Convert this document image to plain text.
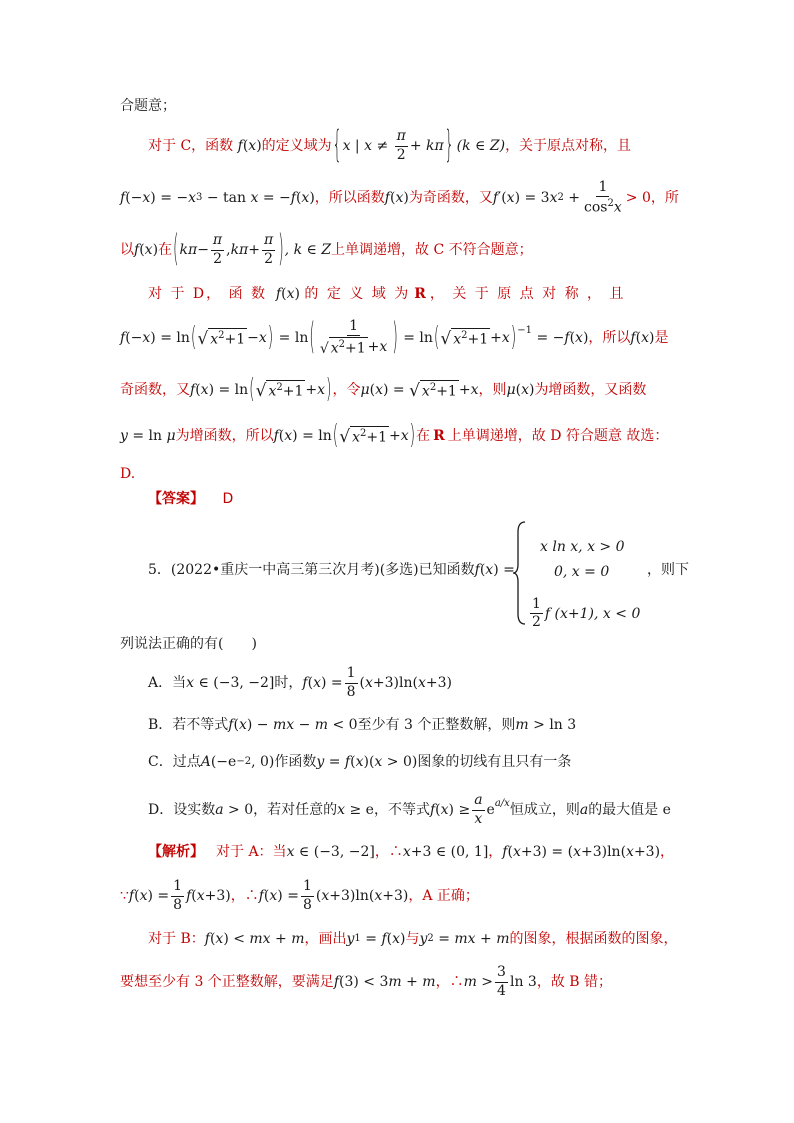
合题意；
对于 C，函数 f ( x ) 的定义域为 { x | $x \ne \frac{\pi}{2} + k\pi$ } (k ∈ Z) ，关于原点对称，且
f (− x ) = − x 3 − tan x = − f ( x ) ，所以函数 f ( x ) 为奇函数，又 f ′( x ) = 3 x $2 + \frac{1}{\cos^2x} > 0$，所
以 f ( x ) 在 ( $k\pi - \frac{\pi}{2}$ , $k\pi + \frac{\pi}{2}$ ) , k ∈ Z 上单调递增，故 C 不符合题意；
对 于 D， 函 数 f ( x ) 的 定 义 域 为 R ， 关 于 原 点 对 称 ， 且
f (− x ) = ln ( √ $x^2+1 - x$ ) = ln ( $\frac{1}{√ x^2+1 +x}$ ) = ln ( √ $x^2+1 + x$ )$^{-1}$ = − f ( x ) ，所以 f ( x ) 是
奇函数，又 f ( x ) = ln ( √ $x^2+1 + x$ ) ，令 μ ( x ) = √ $x^2+1 + x$ ，则 μ ( x ) 为增函数，又函数
y = ln μ 为增函数，所以 f ( x ) = ln ( √ $x^2+1 + x$ ) 在 R 上单调递增，故 D 符合题意 故选：
D.
【答案】 D
5．(2022•重庆一中高三第三次月考)(多选)已知函数 f ( x ) =
x ln x, x > 0
0, x = 0
$\frac{1}{2}$ f (x+1), x < 0
，则下
列说法正确的有(　　)
A．当 x ∈ (−3, −2] 时， f ( x ) = $\frac{1}{8}$ ( x +3)ln( x +3)
B．若不等式 f ( x ) − mx − m < 0 至少有 3 个正整数解，则 m > ln 3
C．过点 A (−e −2 , 0) 作函数 y = f ( x )( x > 0) 图象的切线有且只有一条
D．设实数 a > 0 ，若对任意的 x ≥ e ，不等式 f ( x ) ≥ $\frac{a}{x} e^{a/x}$ 恒成立，则 a 的最大值是 e
【解析】 对于 A：当 x ∈ (−3, −2] ，∴ x +3 ∈ (0, 1] ， f ( x +3) = ( x +3)ln( x +3) ，
∵ f ( x ) = $\frac{1}{8}$ f ( x +3) ，∴ f ( x ) = $\frac{1}{8}$ ( x +3)ln( x +3) ，A 正确；
对于 B： f ( x ) < mx + m ，画出 y 1 = f ( x ) 与 y 2 = mx + m 的图象，根据函数的图象，
要想至少有 3 个正整数解，要满足 f (3) < 3 m + m ，∴ $m > \frac{3}{4}$ ln 3 ，故 B 错；
